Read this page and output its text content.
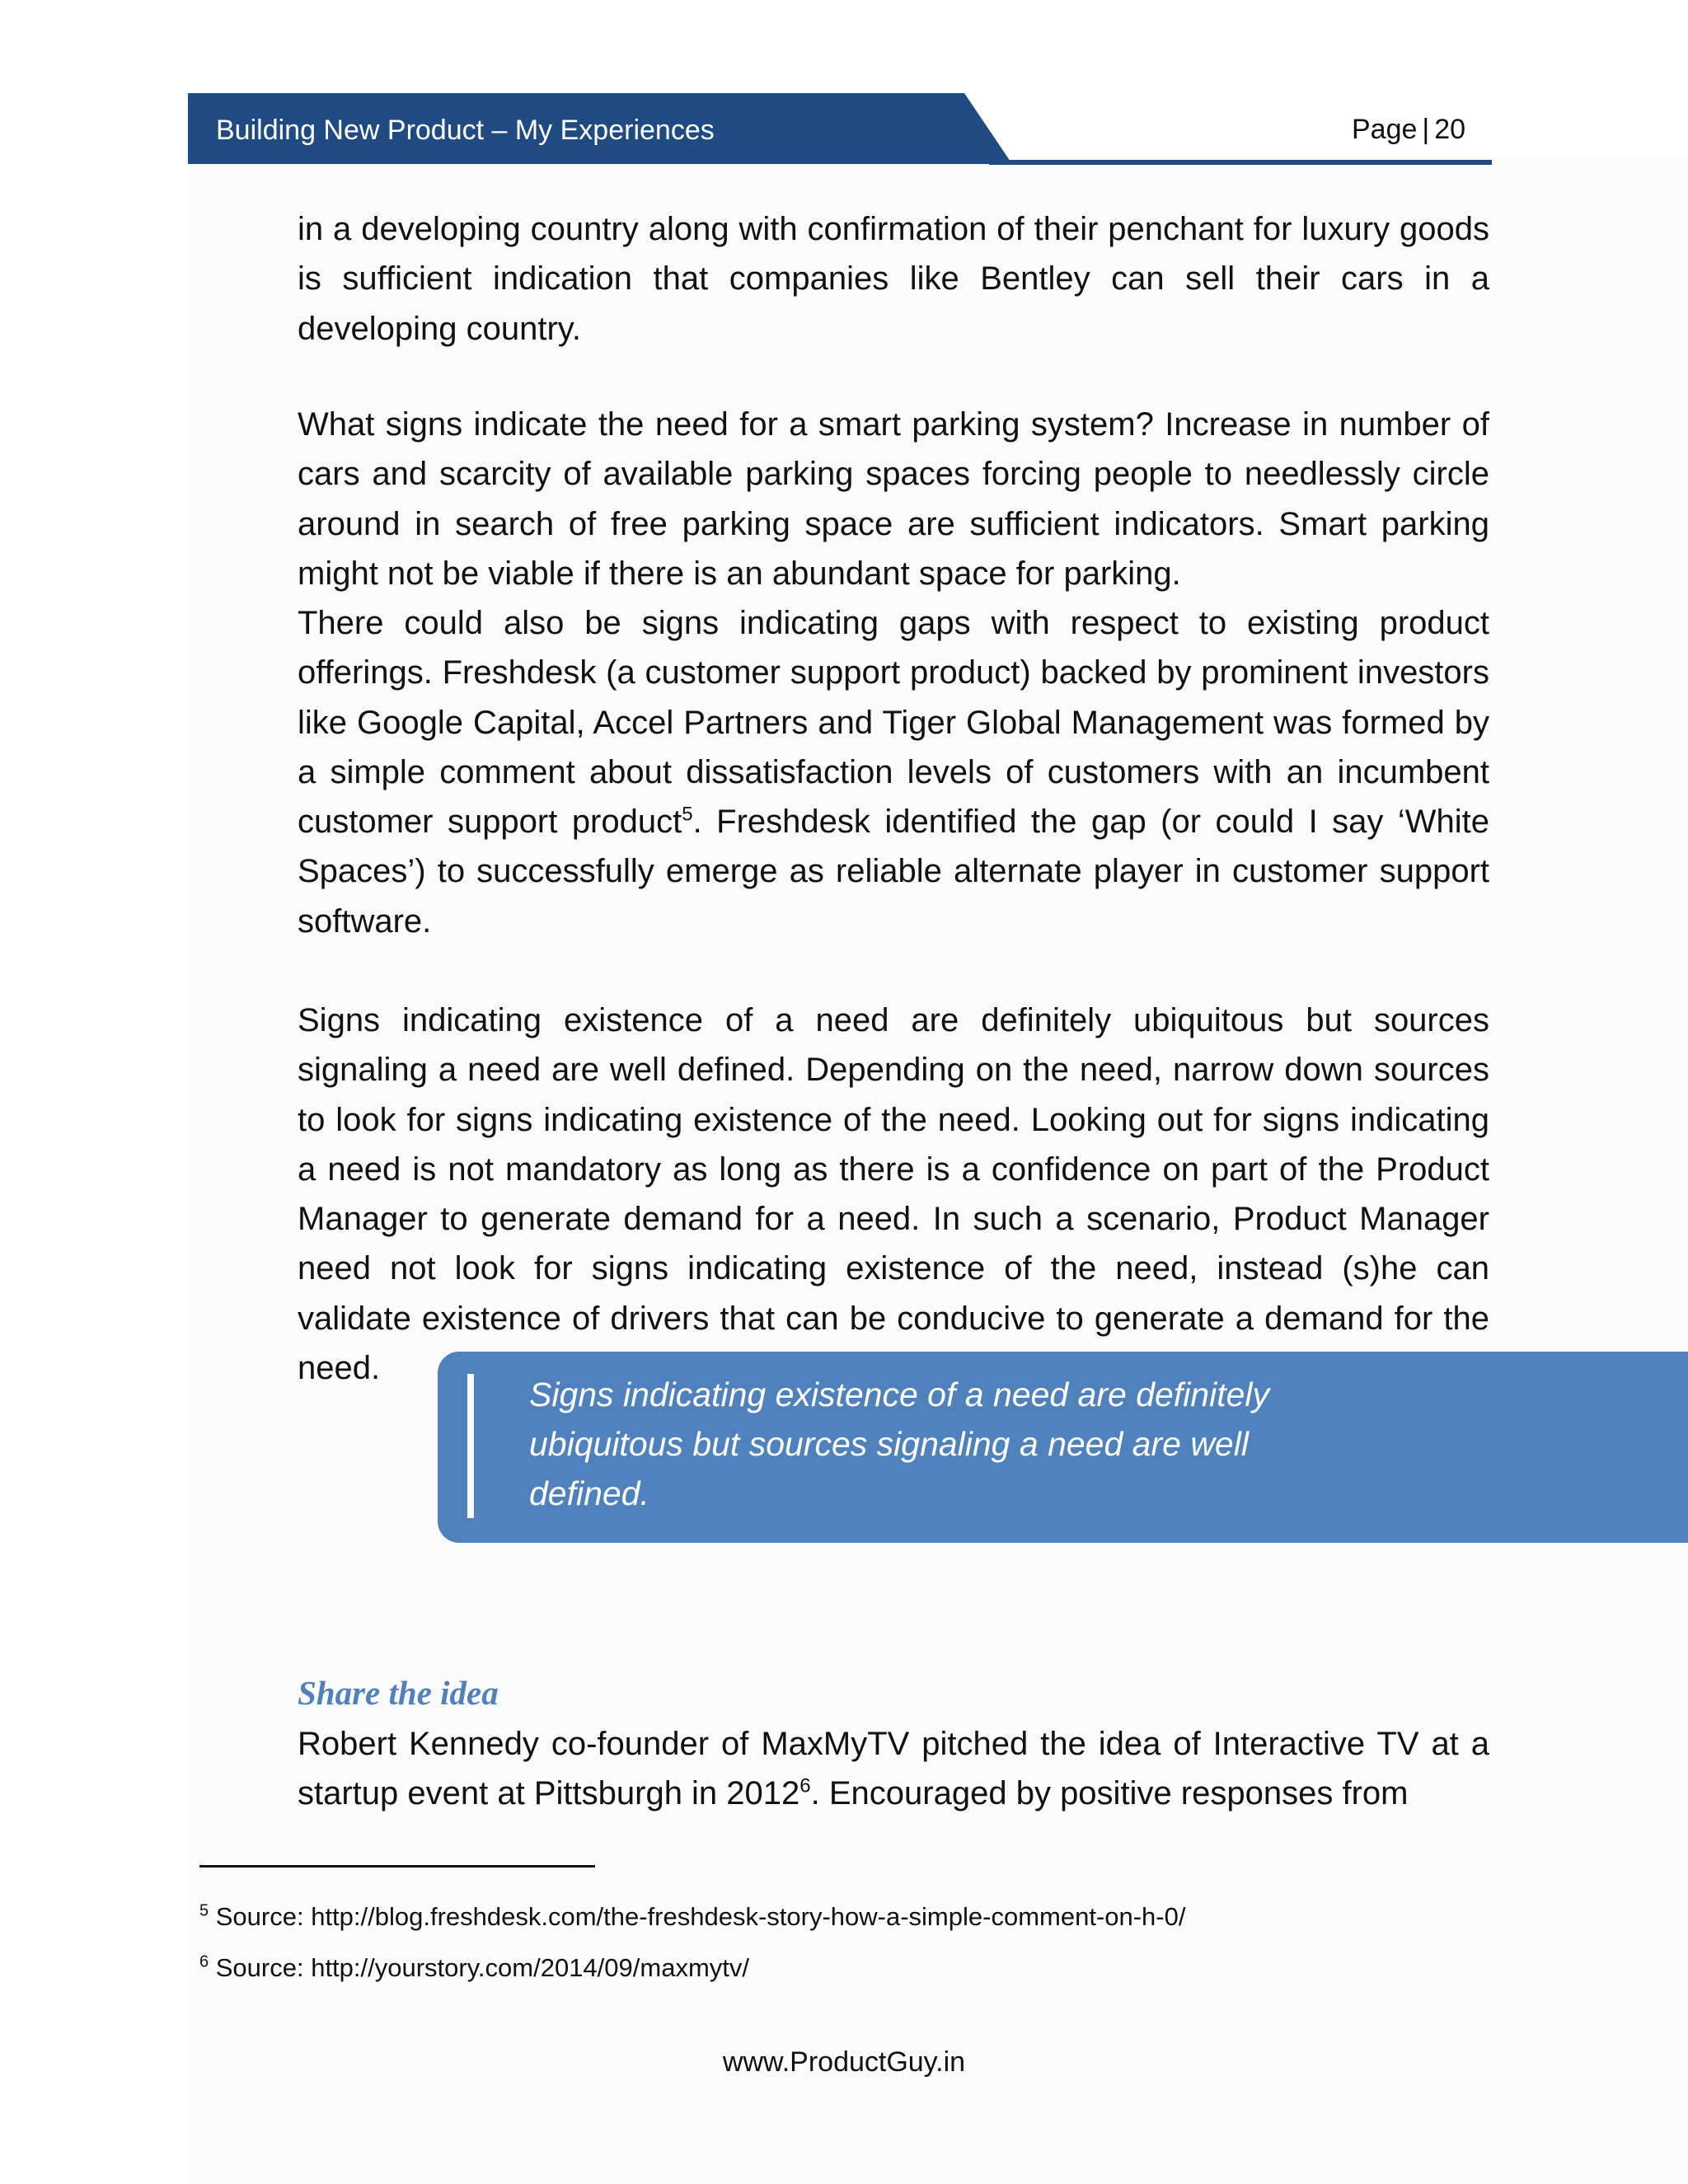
Building New Product – My Experiences	Page | 20

in a developing country along with confirmation of their penchant for luxury goods is sufficient indication that companies like Bentley can sell their cars in a developing country.

What signs indicate the need for a smart parking system? Increase in number of cars and scarcity of available parking spaces forcing people to needlessly circle around in search of free parking space are sufficient indicators. Smart parking might not be viable if there is an abundant space for parking.

There could also be signs indicating gaps with respect to existing product offerings. Freshdesk (a customer support product) backed by prominent investors like Google Capital, Accel Partners and Tiger Global Management was formed by a simple comment about dissatisfaction levels of customers with an incumbent customer support product$^5$. Freshdesk identified the gap (or could I say ‘White Spaces’) to successfully emerge as reliable alternate player in customer support software.

Signs indicating existence of a need are definitely ubiquitous but sources signaling a need are well defined. Depending on the need, narrow down sources to look for signs indicating existence of the need. Looking out for signs indicating a need is not mandatory as long as there is a confidence on part of the Product Manager to generate demand for a need. In such a scenario, Product Manager need not look for signs indicating existence of the need, instead (s)he can validate existence of drivers that can be conducive to generate a demand for the need.

Signs indicating existence of a need are definitely ubiquitous but sources signaling a need are well defined.

Share the idea

Robert Kennedy co-founder of MaxMyTV pitched the idea of Interactive TV at a startup event at Pittsburgh in 2012$^6$. Encouraged by positive responses from

$^5$ Source: http://blog.freshdesk.com/the-freshdesk-story-how-a-simple-comment-on-h-0/

$^6$ Source: http://yourstory.com/2014/09/maxmytv/

www.ProductGuy.in
